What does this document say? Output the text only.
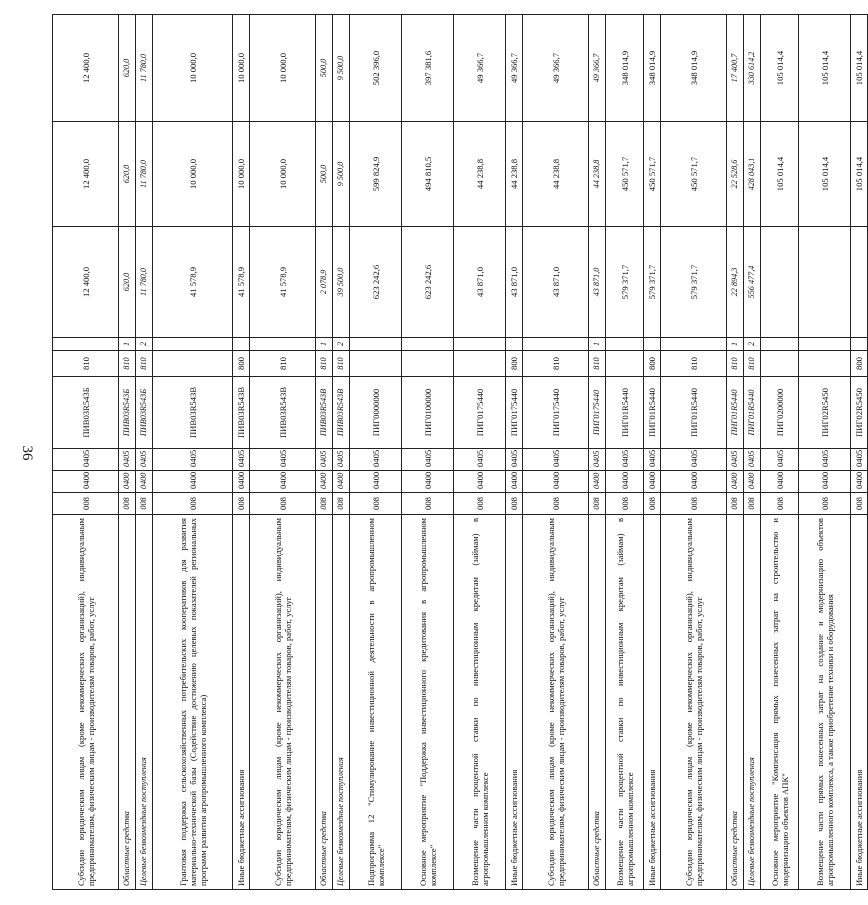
36
Субсидии юридическим лицам (кроме некоммерческих организаций), индивидуальным предпринимателям, физическим лицам - производителям товаров, работ, услуг	008	0400	0405	ПИВ03R543Б	810		12 400,0	12 400,0	12 400,0
Областные средства	008	0400	0405	ПИВ03R543Б	810	1	620,0	620,0	620,0
Целевые безвозмездные поступления	008	0400	0405	ПИВ03R543Б	810	2	11 780,0	11 780,0	11 780,0
Грантовая поддержка сельскохозяйственных потребительских кооперативов для развития материально-технической базы (Содействие достижению целевых показателей региональных программ развития агропромышленного комплекса)	008	0400	0405	ПИВ03R543В			41 578,9	10 000,0	10 000,0
Иные бюджетные ассигнования	008	0400	0405	ПИВ03R543В	800		41 578,9	10 000,0	10 000,0
Субсидии юридическим лицам (кроме некоммерческих организаций), индивидуальным предпринимателям, физическим лицам - производителям товаров, работ, услуг	008	0400	0405	ПИВ03R543В	810		41 578,9	10 000,0	10 000,0
Областные средства	008	0400	0405	ПИВ03R543В	810	1	2 078,9	500,0	500,0
Целевые безвозмездные поступления	008	0400	0405	ПИВ03R543В	810	2	39 500,0	9 500,0	9 500,0
Подпрограмма 12 "Стимулирование инвестиционной деятельности в агропромышленном комплексе"	008	0400	0405	ПИГ0000000			623 242,6	599 824,9	502 396,0
Основное мероприятие "Поддержка инвестиционного кредитования в агропромышленном комплексе"	008	0400	0405	ПИГ0100000			623 242,6	494 810,5	397 381,6
Возмещение части процентной ставки по инвестиционным кредитам (займам) в агропромышленном комплексе	008	0400	0405	ПИГ0175440			43 871,0	44 238,8	49 366,7
Иные бюджетные ассигнования	008	0400	0405	ПИГ0175440	800		43 871,0	44 238,8	49 366,7
Субсидии юридическим лицам (кроме некоммерческих организаций), индивидуальным предпринимателям, физическим лицам - производителям товаров, работ, услуг	008	0400	0405	ПИГ0175440	810		43 871,0	44 238,8	49 366,7
Областные средства	008	0400	0405	ПИГ0175440	810	1	43 871,0	44 238,8	49 366,7
Возмещение части процентной ставки по инвестиционным кредитам (займам) в агропромышленном комплексе	008	0400	0405	ПИГ01R5440			579 371,7	450 571,7	348 014,9
Иные бюджетные ассигнования	008	0400	0405	ПИГ01R5440	800		579 371,7	450 571,7	348 014,9
Субсидии юридическим лицам (кроме некоммерческих организаций), индивидуальным предпринимателям, физическим лицам - производителям товаров, работ, услуг	008	0400	0405	ПИГ01R5440	810		579 371,7	450 571,7	348 014,9
Областные средства	008	0400	0405	ПИГ01R5440	810	1	22 894,3	22 528,6	17 400,7
Целевые безвозмездные поступления	008	0400	0405	ПИГ01R5440	810	2	556 477,4	428 043,1	330 614,2
Основное мероприятие "Компенсация прямых понесенных затрат на строительство и модернизацию объектов АПК"	008	0400	0405	ПИГ0200000				105 014,4	105 014,4
Возмещение части прямых понесенных затрат на создание и модернизацию объектов агропромышленного комплекса, а также приобретение техники и оборудования	008	0400	0405	ПИГ02R5450				105 014,4	105 014,4
Иные бюджетные ассигнования	008	0400	0405	ПИГ02R5450	800			105 014,4	105 014,4
